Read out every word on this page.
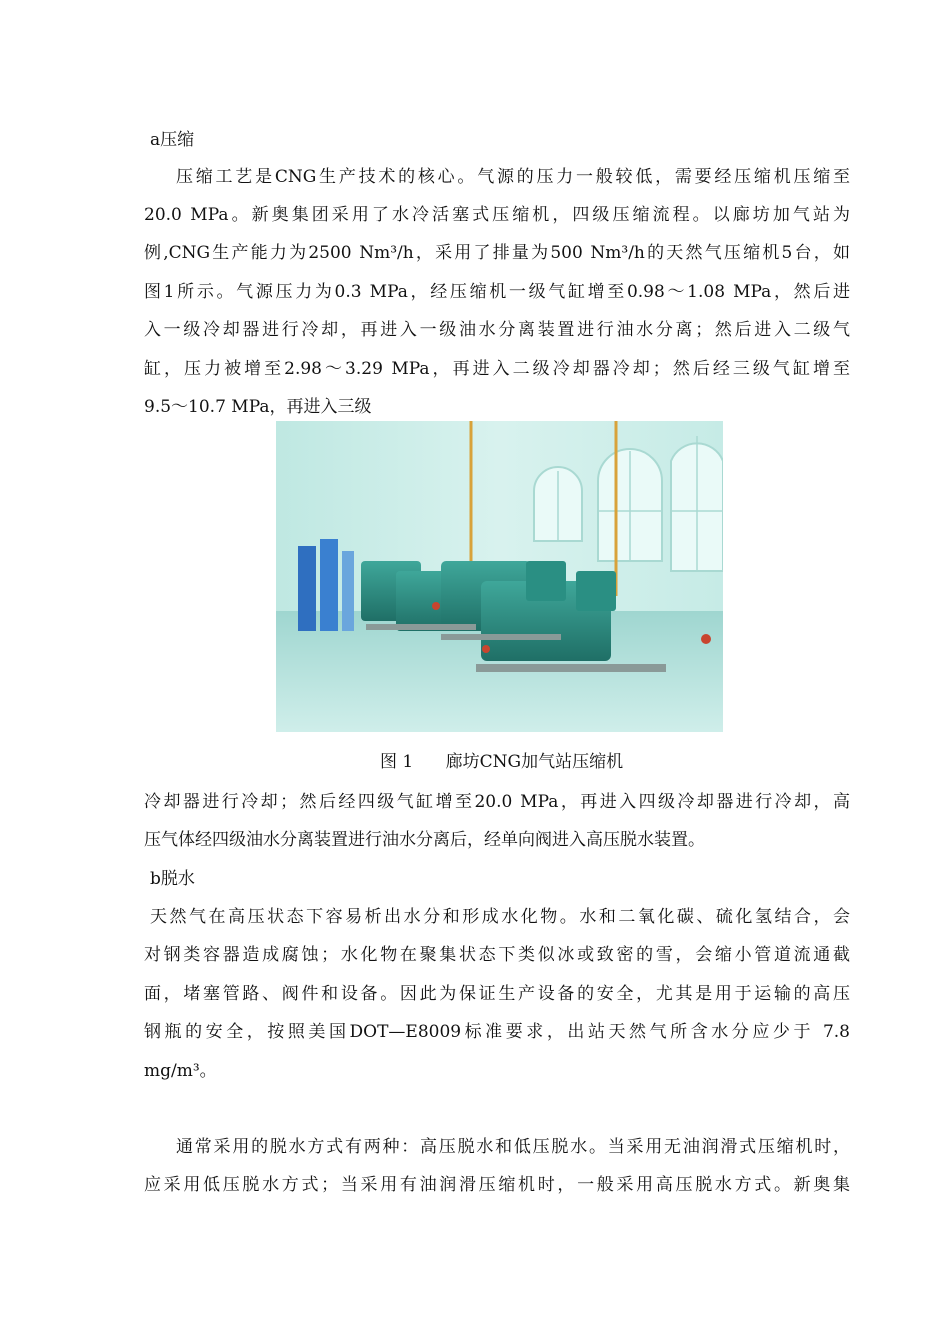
a压缩
压缩工艺是CNG生产技术的核心。气源的压力一般较低，需要经压缩机压缩至
20.0 MPa。新奥集团采用了水冷活塞式压缩机，四级压缩流程。以廊坊加气站为
例,CNG生产能力为2500 Nm³/h，采用了排量为500 Nm³/h的天然气压缩机5台，如
图1所示。气源压力为0.3 MPa，经压缩机一级气缸增至0.98～1.08 MPa，然后进
入一级冷却器进行冷却，再进入一级油水分离装置进行油水分离；然后进入二级气
缸，压力被增至2.98～3.29 MPa，再进入二级冷却器冷却；然后经三级气缸增至
9.5～10.7 MPa，再进入三级
图 1      廊坊CNG加气站压缩机
冷却器进行冷却；然后经四级气缸增至20.0 MPa，再进入四级冷却器进行冷却，高
压气体经四级油水分离装置进行油水分离后，经单向阀进入高压脱水装置。
b脱水
天然气在高压状态下容易析出水分和形成水化物。水和二氧化碳、硫化氢结合，会
对钢类容器造成腐蚀；水化物在聚集状态下类似冰或致密的雪，会缩小管道流通截
面，堵塞管路、阀件和设备。因此为保证生产设备的安全，尤其是用于运输的高压
钢瓶的安全，按照美国DOT—E8009标准要求，出站天然气所含水分应少于 7.8
mg/m³。
通常采用的脱水方式有两种：高压脱水和低压脱水。当采用无油润滑式压缩机时，
应采用低压脱水方式；当采用有油润滑压缩机时，一般采用高压脱水方式。新奥集
